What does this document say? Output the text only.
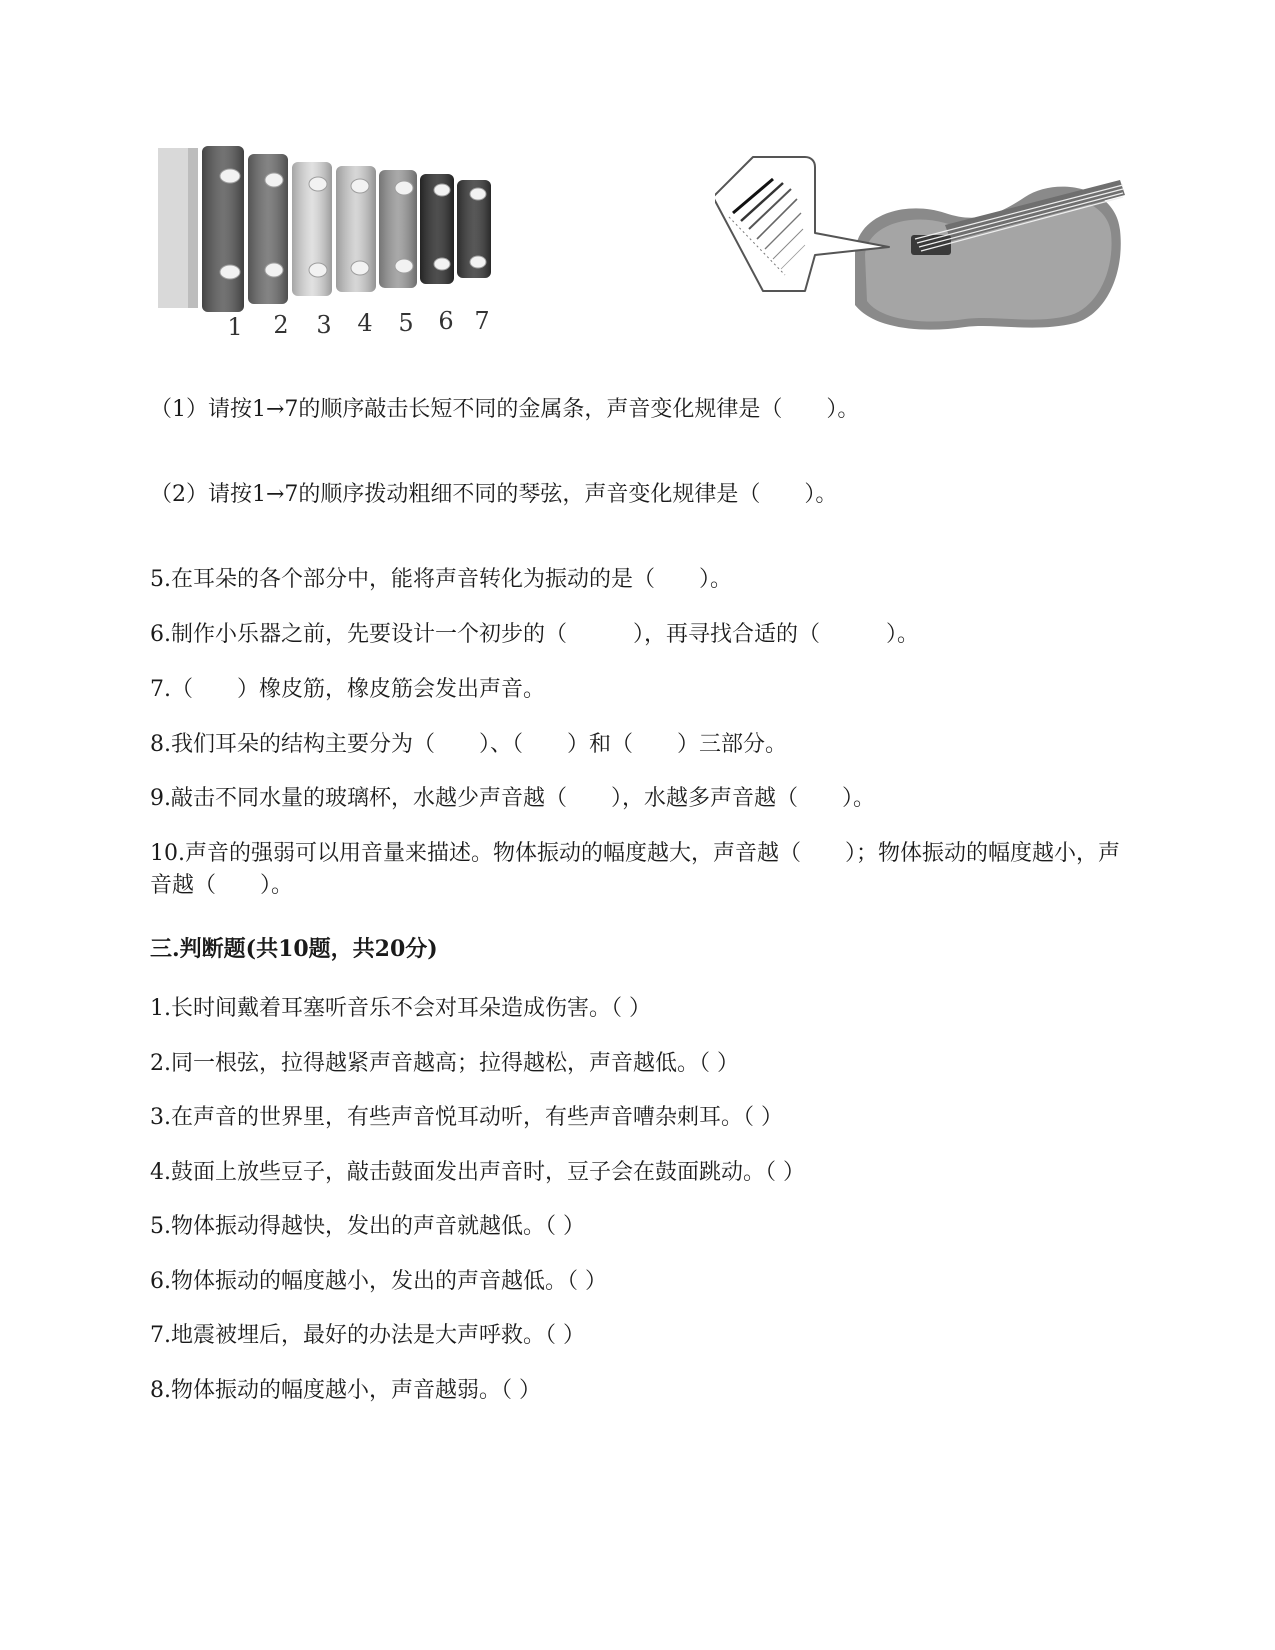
1 2 3 4 5 6 7
（1）请按1→7的顺序敲击长短不同的金属条，声音变化规律是（　　）。
（2）请按1→7的顺序拨动粗细不同的琴弦，声音变化规律是（　　）。
5.在耳朵的各个部分中，能将声音转化为振动的是（　　）。
6.制作小乐器之前，先要设计一个初步的（　　　），再寻找合适的（　　　）。
7.（　　）橡皮筋，橡皮筋会发出声音。
8.我们耳朵的结构主要分为（　　）、（　　）和（　　）三部分。
9.敲击不同水量的玻璃杯，水越少声音越（　　），水越多声音越（　　）。
10.声音的强弱可以用音量来描述。物体振动的幅度越大，声音越（　　）；物体振动的幅度越小，声音越（　　）。
三.判断题(共10题，共20分)
1.长时间戴着耳塞听音乐不会对耳朵造成伤害。（ ）
2.同一根弦，拉得越紧声音越高；拉得越松，声音越低。（ ）
3.在声音的世界里，有些声音悦耳动听，有些声音嘈杂刺耳。（ ）
4.鼓面上放些豆子，敲击鼓面发出声音时，豆子会在鼓面跳动。（ ）
5.物体振动得越快，发出的声音就越低。（ ）
6.物体振动的幅度越小，发出的声音越低。（ ）
7.地震被埋后，最好的办法是大声呼救。（ ）
8.物体振动的幅度越小，声音越弱。（ ）
